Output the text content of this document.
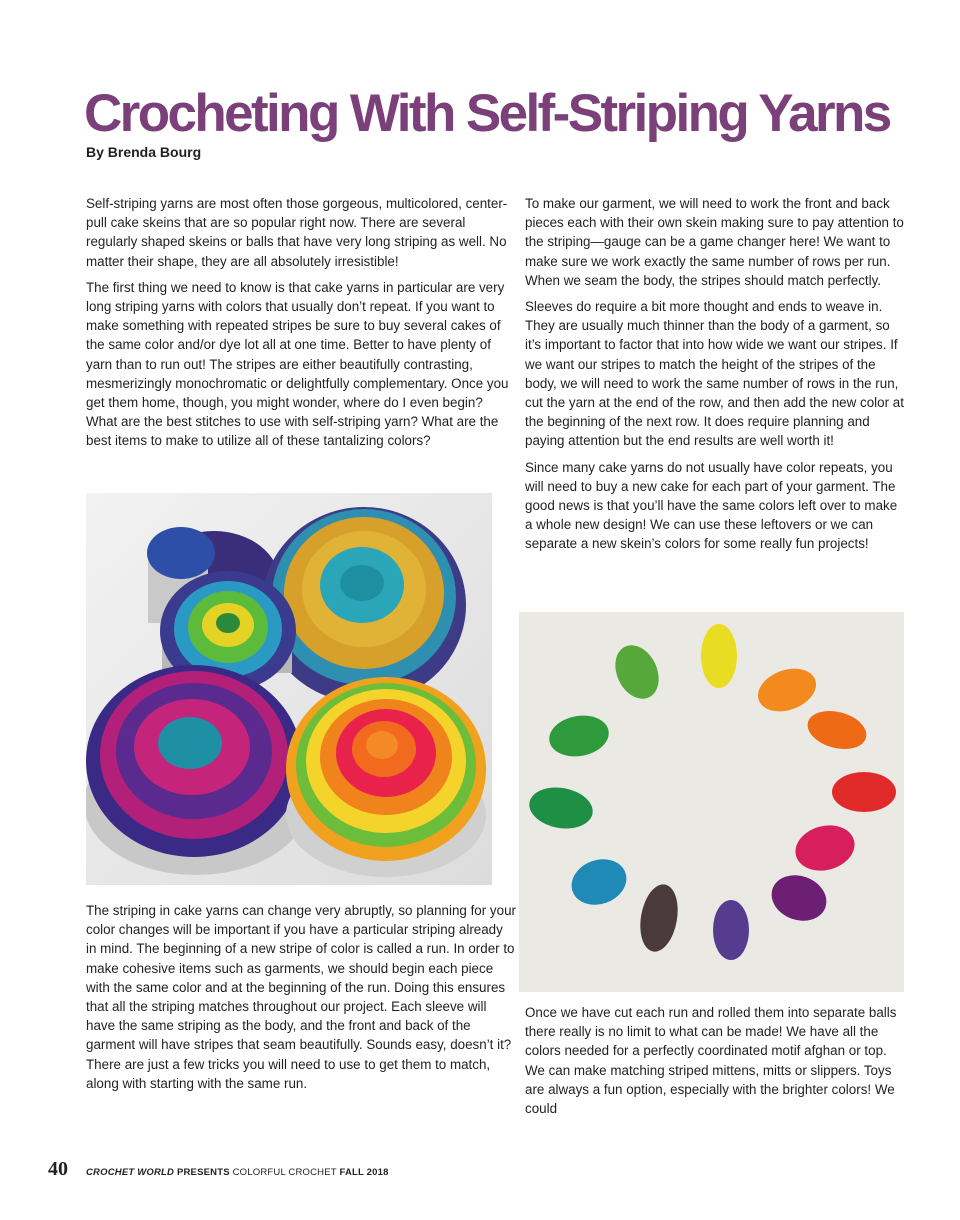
Crocheting With Self-Striping Yarns
By Brenda Bourg

Self-striping yarns are most often those gorgeous, multicolored, center-pull cake skeins that are so popular right now. There are several regularly shaped skeins or balls that have very long striping as well. No matter their shape, they are all absolutely irresistible!

The first thing we need to know is that cake yarns in particular are very long striping yarns with colors that usually don’t repeat. If you want to make something with repeated stripes be sure to buy several cakes of the same color and/or dye lot all at one time. Better to have plenty of yarn than to run out! The stripes are either beautifully contrasting, mesmerizingly monochromatic or delightfully complementary. Once you get them home, though, you might wonder, where do I even begin? What are the best stitches to use with self-striping yarn? What are the best items to make to utilize all of these tantalizing colors?

The striping in cake yarns can change very abruptly, so planning for your color changes will be important if you have a particular striping already in mind. The beginning of a new stripe of color is called a run. In order to make cohesive items such as garments, we should begin each piece with the same color and at the beginning of the run. Doing this ensures that all the striping matches throughout our project. Each sleeve will have the same striping as the body, and the front and back of the garment will have stripes that seam beautifully. Sounds easy, doesn’t it? There are just a few tricks you will need to use to get them to match, along with starting with the same run.

To make our garment, we will need to work the front and back pieces each with their own skein making sure to pay attention to the striping—gauge can be a game changer here! We want to make sure we work exactly the same number of rows per run. When we seam the body, the stripes should match perfectly.

Sleeves do require a bit more thought and ends to weave in. They are usually much thinner than the body of a garment, so it’s important to factor that into how wide we want our stripes. If we want our stripes to match the height of the stripes of the body, we will need to work the same number of rows in the run, cut the yarn at the end of the row, and then add the new color at the beginning of the next row. It does require planning and paying attention but the end results are well worth it!

Since many cake yarns do not usually have color repeats, you will need to buy a new cake for each part of your garment. The good news is that you’ll have the same colors left over to make a whole new design! We can use these leftovers or we can separate a new skein’s colors for some really fun projects!

Once we have cut each run and rolled them into separate balls there really is no limit to what can be made! We have all the colors needed for a perfectly coordinated motif afghan or top. We can make matching striped mittens, mitts or slippers. Toys are always a fun option, especially with the brighter colors! We could

40 CROCHET WORLD PRESENTS COLORFUL CROCHET FALL 2018
